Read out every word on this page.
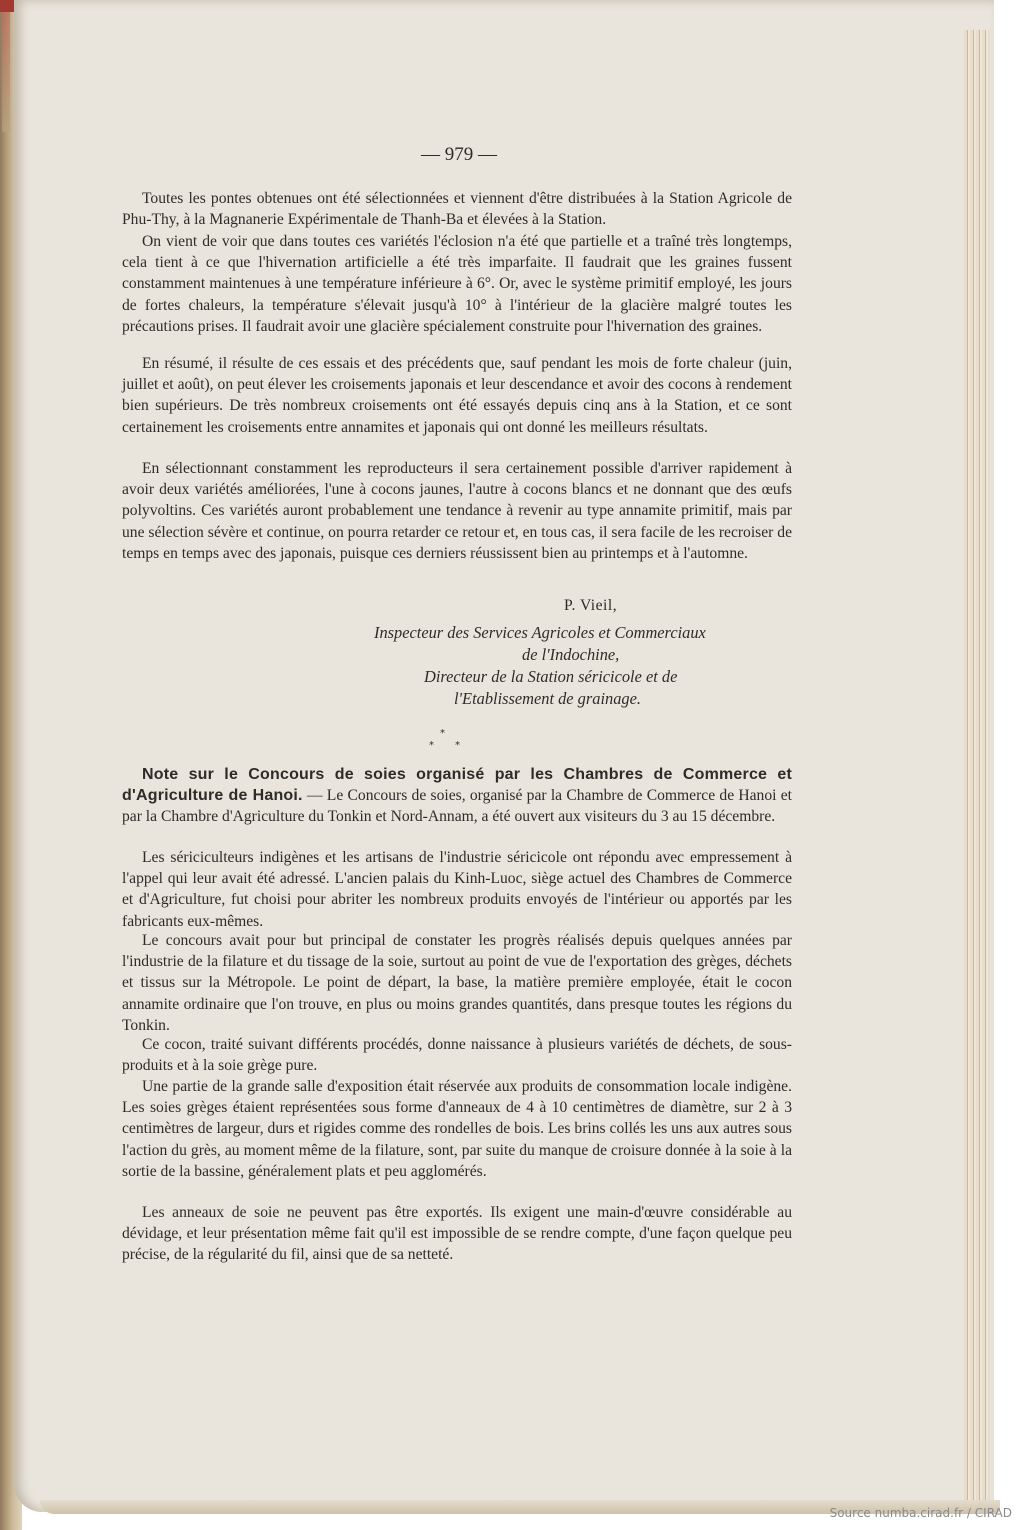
— 979 —

Toutes les pontes obtenues ont été sélectionnées et viennent d'être distribuées à la Station Agricole de Phu-Thy, à la Magnanerie Expérimentale de Thanh-Ba et élevées à la Station.

On vient de voir que dans toutes ces variétés l'éclosion n'a été que partielle et a traîné très longtemps, cela tient à ce que l'hivernation artificielle a été très imparfaite. Il faudrait que les graines fussent constamment maintenues à une température inférieure à 6°. Or, avec le système primitif employé, les jours de fortes chaleurs, la température s'élevait jusqu'à 10° à l'intérieur de la glacière malgré toutes les précautions prises. Il faudrait avoir une glacière spécialement construite pour l'hivernation des graines.

En résumé, il résulte de ces essais et des précédents que, sauf pendant les mois de forte chaleur (juin, juillet et août), on peut élever les croisements japonais et leur descendance et avoir des cocons à rendement bien supérieurs. De très nombreux croisements ont été essayés depuis cinq ans à la Station, et ce sont certainement les croisements entre annamites et japonais qui ont donné les meilleurs résultats.

En sélectionnant constamment les reproducteurs il sera certainement possible d'arriver rapidement à avoir deux variétés améliorées, l'une à cocons jaunes, l'autre à cocons blancs et ne donnant que des œufs polyvoltins. Ces variétés auront probablement une tendance à revenir au type annamite primitif, mais par une sélection sévère et continue, on pourra retarder ce retour et, en tous cas, il sera facile de les recroiser de temps en temps avec des japonais, puisque ces derniers réussissent bien au printemps et à l'automne.

P. Vieil,
Inspecteur des Services Agricoles et Commerciaux
de l'Indochine,
Directeur de la Station séricicole et de
l'Etablissement de grainage.
*
* *

Note sur le Concours de soies organisé par les Chambres de Commerce et d'Agriculture de Hanoi. — Le Concours de soies, organisé par la Chambre de Commerce de Hanoi et par la Chambre d'Agriculture du Tonkin et Nord-Annam, a été ouvert aux visiteurs du 3 au 15 décembre.

Les sériciculteurs indigènes et les artisans de l'industrie séricicole ont répondu avec empressement à l'appel qui leur avait été adressé. L'ancien palais du Kinh-Luoc, siège actuel des Chambres de Commerce et d'Agriculture, fut choisi pour abriter les nombreux produits envoyés de l'intérieur ou apportés par les fabricants eux-mêmes.

Le concours avait pour but principal de constater les progrès réalisés depuis quelques années par l'industrie de la filature et du tissage de la soie, surtout au point de vue de l'exportation des grèges, déchets et tissus sur la Métropole. Le point de départ, la base, la matière première employée, était le cocon annamite ordinaire que l'on trouve, en plus ou moins grandes quantités, dans presque toutes les régions du Tonkin.

Ce cocon, traité suivant différents procédés, donne naissance à plusieurs variétés de déchets, de sous-produits et à la soie grège pure.

Une partie de la grande salle d'exposition était réservée aux produits de consommation locale indigène. Les soies grèges étaient représentées sous forme d'anneaux de 4 à 10 centimètres de diamètre, sur 2 à 3 centimètres de largeur, durs et rigides comme des rondelles de bois. Les brins collés les uns aux autres sous l'action du grès, au moment même de la filature, sont, par suite du manque de croisure donnée à la soie à la sortie de la bassine, généralement plats et peu agglomérés.

Les anneaux de soie ne peuvent pas être exportés. Ils exigent une main-d'œuvre considérable au dévidage, et leur présentation même fait qu'il est impossible de se rendre compte, d'une façon quelque peu précise, de la régularité du fil, ainsi que de sa netteté.

Source numba.cirad.fr / CIRAD
